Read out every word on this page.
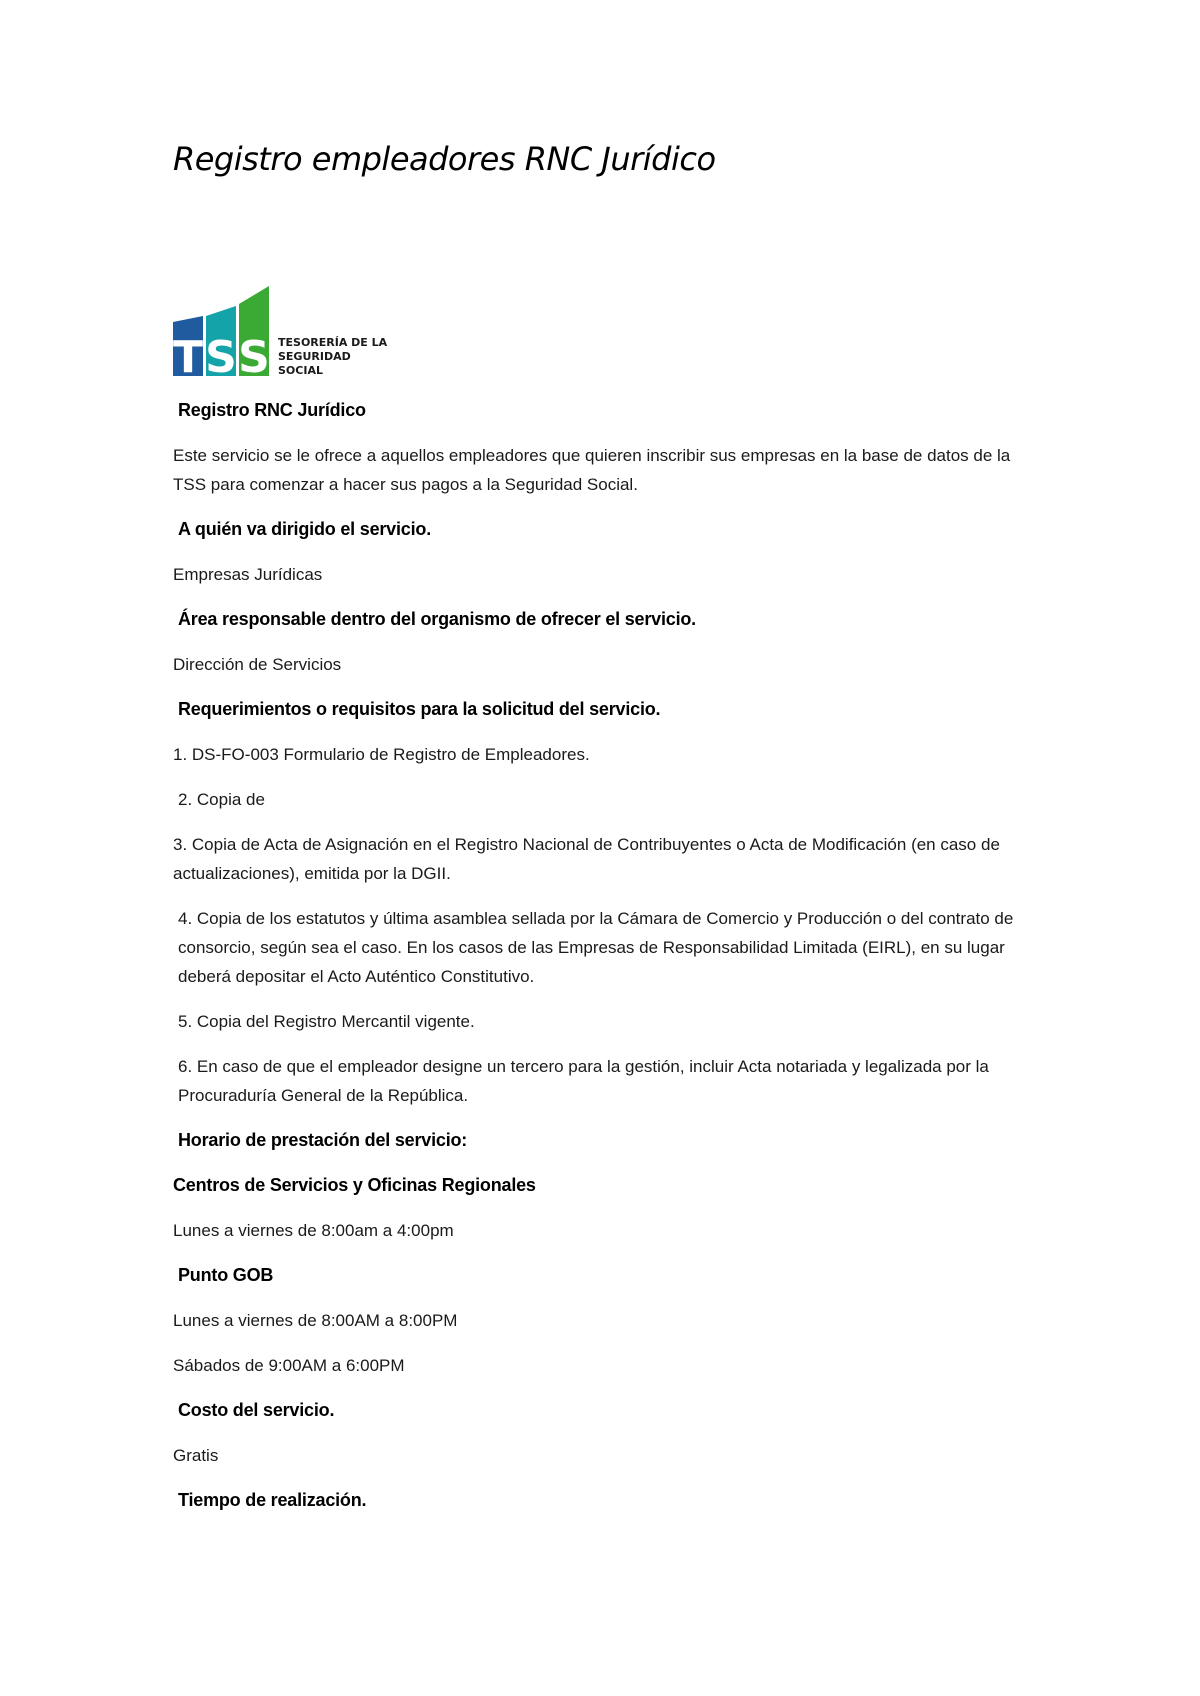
Registro empleadores RNC Jurídico
T S S TESORERÍA DE LA
SEGURIDAD
SOCIAL

Registro RNC Jurídico

Este servicio se le ofrece a aquellos empleadores que quieren inscribir sus empresas en la base de datos de la TSS para comenzar a hacer sus pagos a la Seguridad Social.

A quién va dirigido el servicio.

Empresas Jurídicas

Área responsable dentro del organismo de ofrecer el servicio.

Dirección de Servicios

Requerimientos o requisitos para la solicitud del servicio.

1. DS-FO-003 Formulario de Registro de Empleadores.

2. Copia de

3. Copia de Acta de Asignación en el Registro Nacional de Contribuyentes o Acta de Modificación (en caso de actualizaciones), emitida por la DGII.

4. Copia de los estatutos y última asamblea sellada por la Cámara de Comercio y Producción o del contrato de consorcio, según sea el caso. En los casos de las Empresas de Responsabilidad Limitada (EIRL), en su lugar deberá depositar el Acto Auténtico Constitutivo.

5. Copia del Registro Mercantil vigente.

6. En caso de que el empleador designe un tercero para la gestión, incluir Acta notariada y legalizada por la Procuraduría General de la República.

Horario de prestación del servicio:

Centros de Servicios y Oficinas Regionales

Lunes a viernes de 8:00am a 4:00pm

Punto GOB

Lunes a viernes de 8:00AM a 8:00PM

Sábados de 9:00AM a 6:00PM

Costo del servicio.

Gratis

Tiempo de realización.
